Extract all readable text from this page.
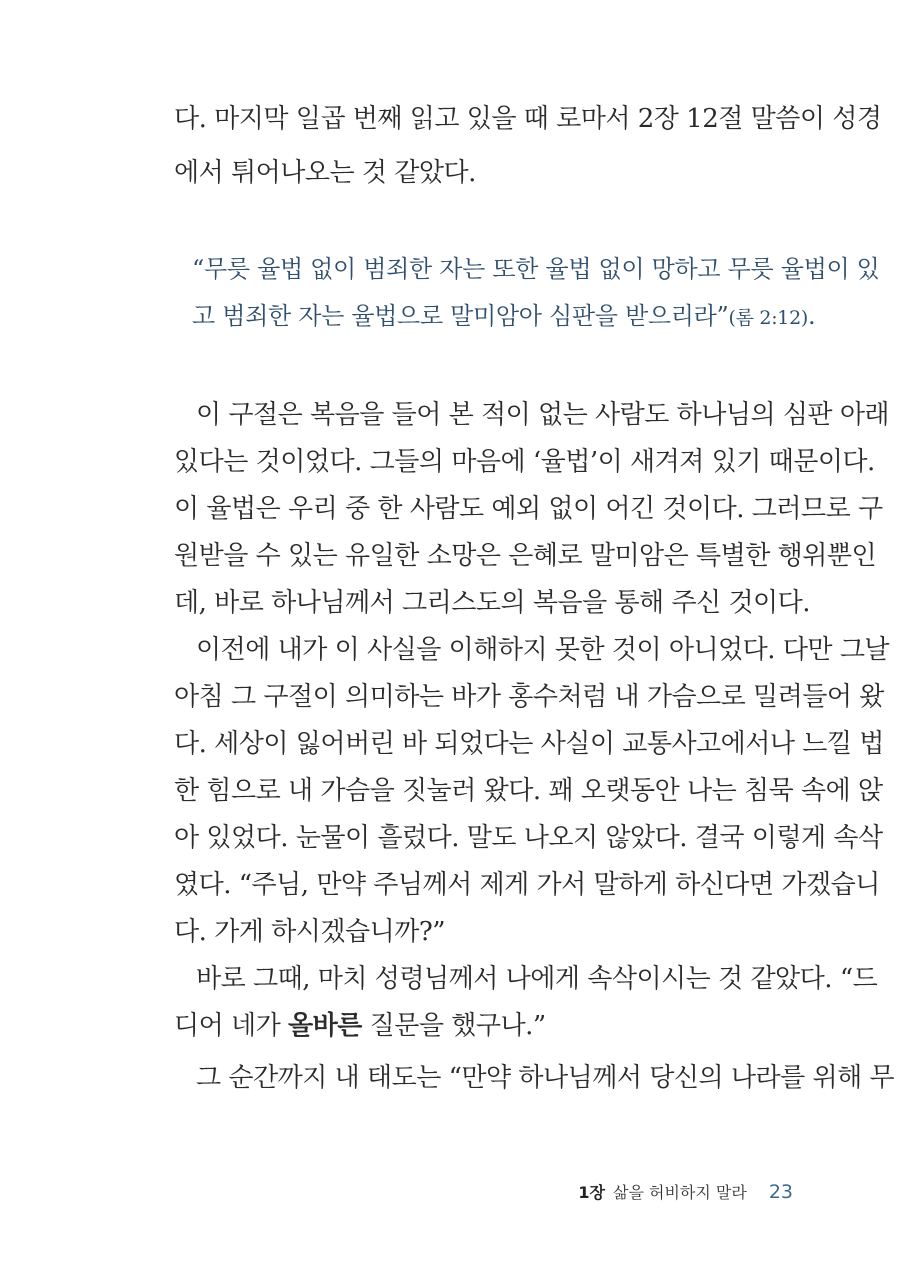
다. 마지막 일곱 번째 읽고 있을 때 로마서 2장 12절 말씀이 성경
에서 튀어나오는 것 같았다.
“무릇 율법 없이 범죄한 자는 또한 율법 없이 망하고 무릇 율법이 있
고 범죄한 자는 율법으로 말미암아 심판을 받으리라”(롬 2:12).
이 구절은 복음을 들어 본 적이 없는 사람도 하나님의 심판 아래
있다는 것이었다. 그들의 마음에 ‘율법’이 새겨져 있기 때문이다.
이 율법은 우리 중 한 사람도 예외 없이 어긴 것이다. 그러므로 구
원받을 수 있는 유일한 소망은 은혜로 말미암은 특별한 행위뿐인
데, 바로 하나님께서 그리스도의 복음을 통해 주신 것이다.
이전에 내가 이 사실을 이해하지 못한 것이 아니었다. 다만 그날
아침 그 구절이 의미하는 바가 홍수처럼 내 가슴으로 밀려들어 왔
다. 세상이 잃어버린 바 되었다는 사실이 교통사고에서나 느낄 법
한 힘으로 내 가슴을 짓눌러 왔다. 꽤 오랫동안 나는 침묵 속에 앉
아 있었다. 눈물이 흘렀다. 말도 나오지 않았다. 결국 이렇게 속삭
였다. “주님, 만약 주님께서 제게 가서 말하게 하신다면 가겠습니
다. 가게 하시겠습니까?”
바로 그때, 마치 성령님께서 나에게 속삭이시는 것 같았다. “드
디어 네가 올바른 질문을 했구나.”
그 순간까지 내 태도는 “만약 하나님께서 당신의 나라를 위해 무
1장 삶을 허비하지 말라 23
